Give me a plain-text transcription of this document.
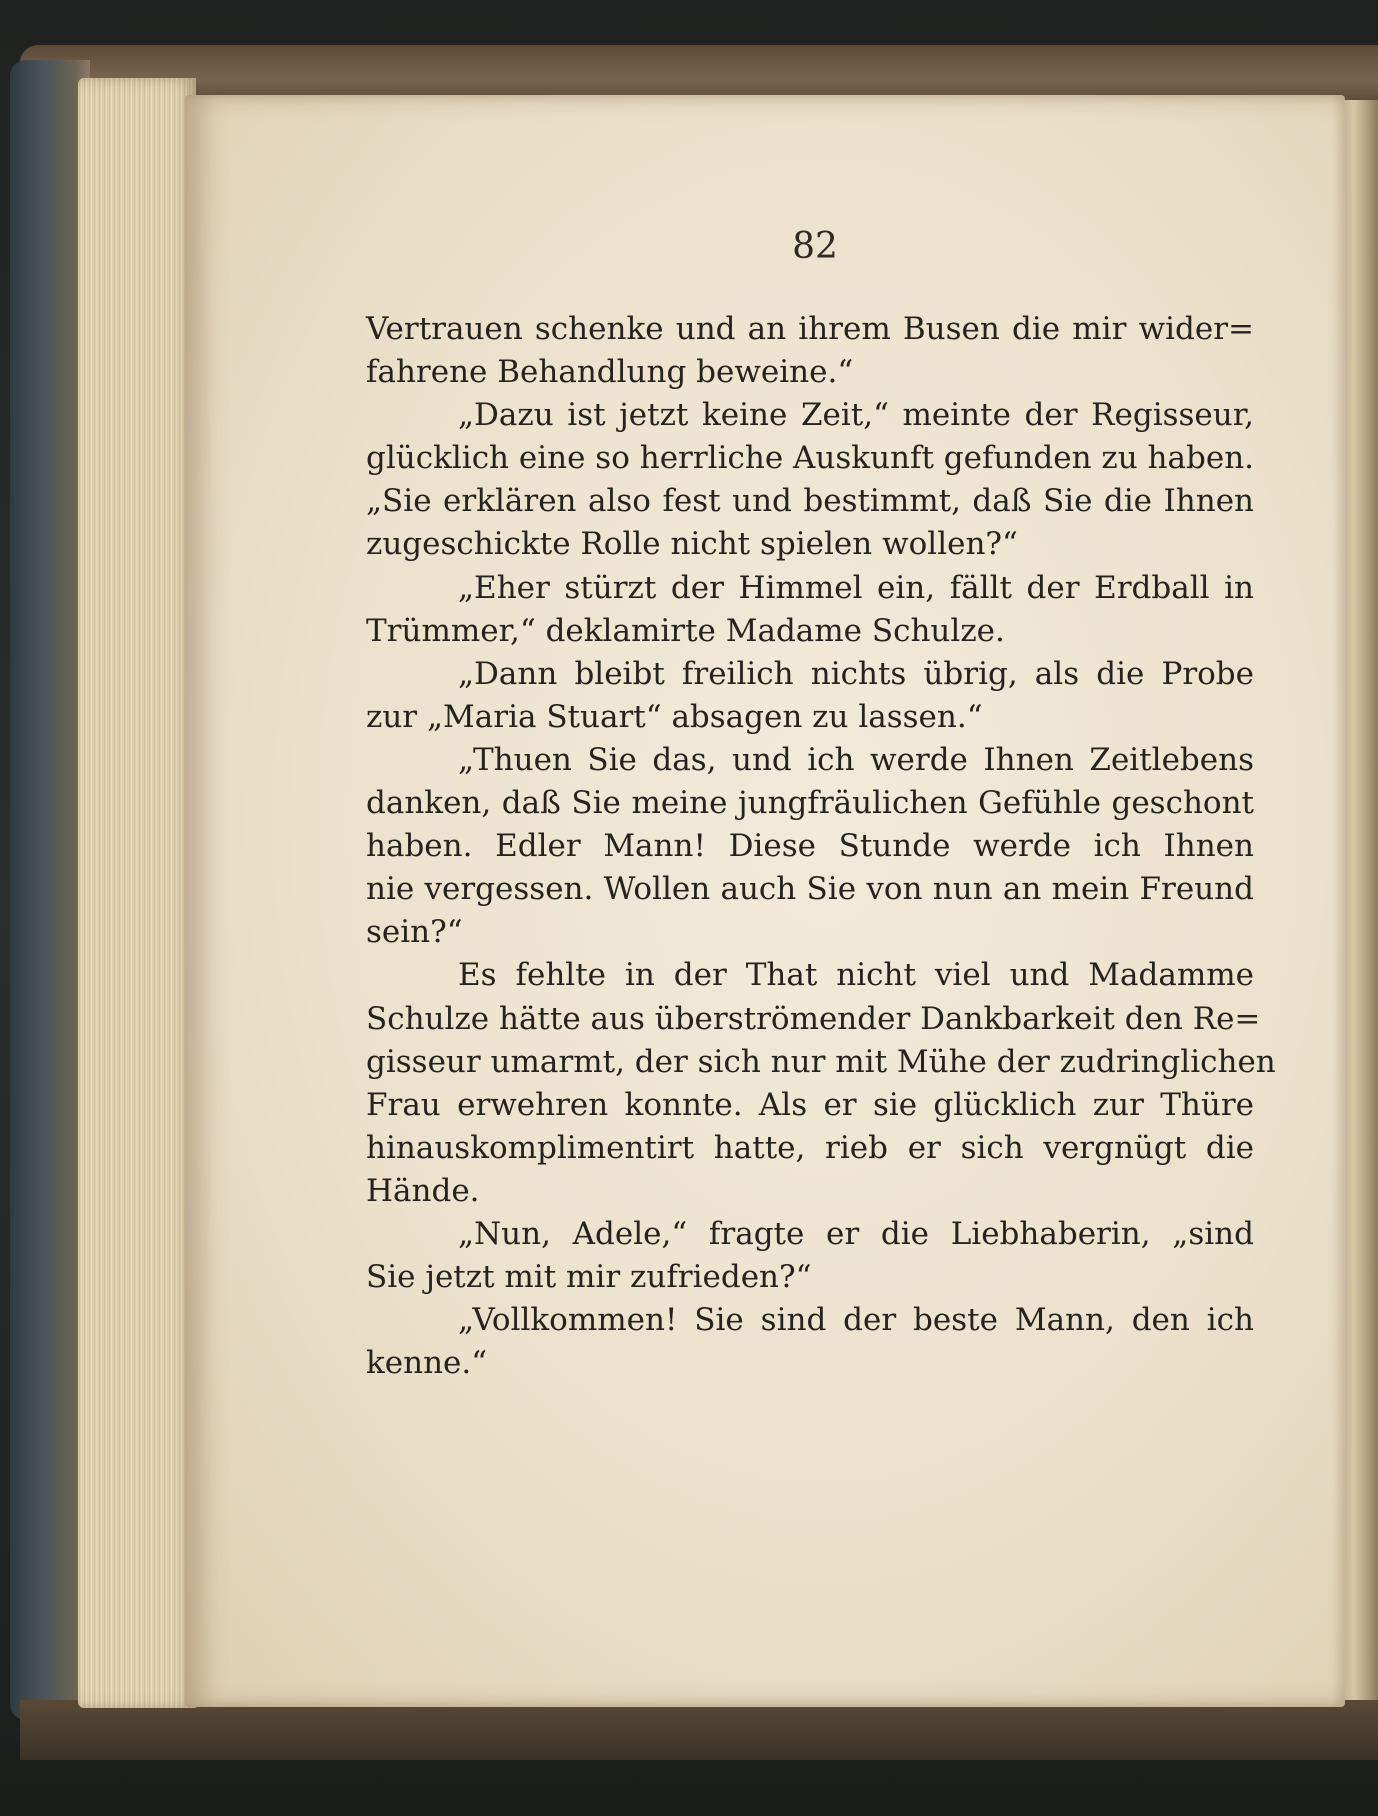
82
Vertrauen schenke und an ihrem Busen die mir wider=
fahrene Behandlung beweine.“
„Dazu ist jetzt keine Zeit,“ meinte der Regisseur,
glücklich eine so herrliche Auskunft gefunden zu haben.
„Sie erklären also fest und bestimmt, daß Sie die Ihnen
zugeschickte Rolle nicht spielen wollen?“
„Eher stürzt der Himmel ein, fällt der Erdball in
Trümmer,“ deklamirte Madame Schulze.
„Dann bleibt freilich nichts übrig, als die Probe
zur „Maria Stuart“ absagen zu lassen.“
„Thuen Sie das, und ich werde Ihnen Zeitlebens
danken, daß Sie meine jungfräulichen Gefühle geschont
haben. Edler Mann! Diese Stunde werde ich Ihnen
nie vergessen. Wollen auch Sie von nun an mein Freund
sein?“
Es fehlte in der That nicht viel und Madamme
Schulze hätte aus überströmender Dankbarkeit den Re=
gisseur umarmt, der sich nur mit Mühe der zudringlichen
Frau erwehren konnte. Als er sie glücklich zur Thüre
hinauskomplimentirt hatte, rieb er sich vergnügt die
Hände.
„Nun, Adele,“ fragte er die Liebhaberin, „sind
Sie jetzt mit mir zufrieden?“
„Vollkommen! Sie sind der beste Mann, den ich
kenne.“
